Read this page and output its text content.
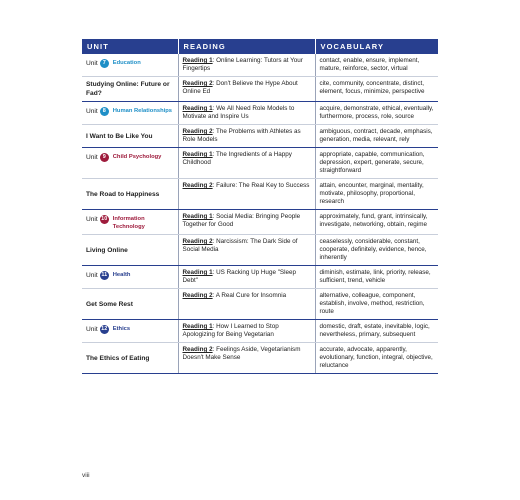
UNIT	READING	VOCABULARY

Unit 7 Education	Reading 1: Online Learning: Tutors at Your Fingertips	contact, enable, ensure, implement, mature, reinforce, sector, virtual
Studying Online: Future or Fad?	Reading 2: Don't Believe the Hype About Online Ed	cite, community, concentrate, distinct, element, focus, minimize, perspective

Unit 8 Human Relationships	Reading 1: We All Need Role Models to Motivate and Inspire Us	acquire, demonstrate, ethical, eventually, furthermore, process, role, source
I Want to Be Like You	Reading 2: The Problems with Athletes as Role Models	ambiguous, contract, decade, emphasis, generation, media, relevant, rely

Unit 9 Child Psychology	Reading 1: The Ingredients of a Happy Childhood	appropriate, capable, communication, depression, expert, generate, secure, straightforward
The Road to Happiness	Reading 2: Failure: The Real Key to Success	attain, encounter, marginal, mentality, motivate, philosophy, proportional, research

Unit 10 Information Technology	Reading 1: Social Media: Bringing People Together for Good	approximately, fund, grant, intrinsically, investigate, networking, obtain, regime
Living Online	Reading 2: Narcissism: The Dark Side of Social Media	ceaselessly, considerable, constant, cooperate, definitely, evidence, hence, inherently

Unit 11 Health	Reading 1: US Racking Up Huge "Sleep Debt"	diminish, estimate, link, priority, release, sufficient, trend, vehicle
Get Some Rest	Reading 2: A Real Cure for Insomnia	alternative, colleague, component, establish, involve, method, restriction, route

Unit 12 Ethics	Reading 1: How I Learned to Stop Apologizing for Being Vegetarian	domestic, draft, estate, inevitable, logic, nevertheless, primary, subsequent
The Ethics of Eating	Reading 2: Feelings Aside, Vegetarianism Doesn't Make Sense	accurate, advocate, apparently, evolutionary, function, integral, objective, reluctance
viii
